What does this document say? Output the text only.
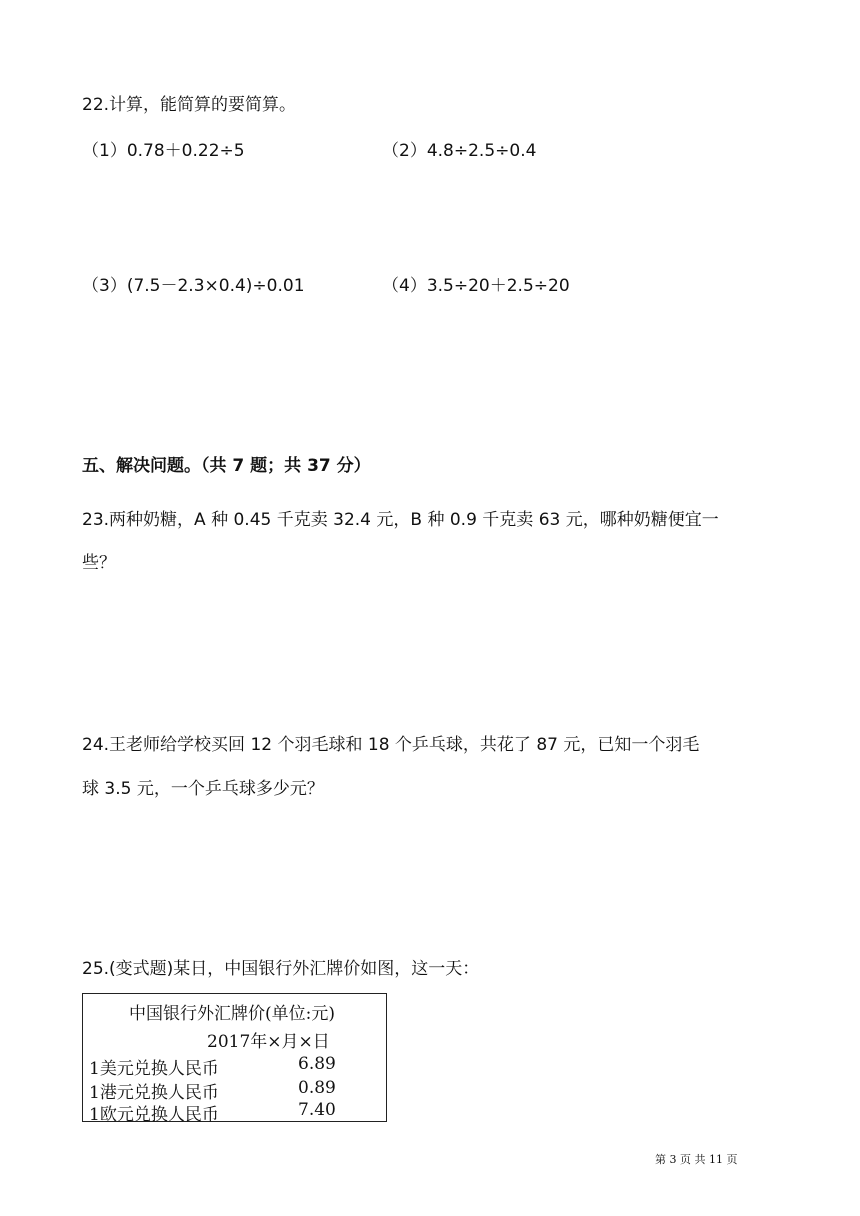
22.计算，能简算的要简算。
（1）0.78＋0.22÷5	（2）4.8÷2.5÷0.4
（3）(7.5－2.3×0.4)÷0.01	（4）3.5÷20＋2.5÷20
五、解决问题。（共 7 题；共 37 分）
23.两种奶糖，A 种 0.45 千克卖 32.4 元，B 种 0.9 千克卖 63 元，哪种奶糖便宜一
些？
24.王老师给学校买回 12 个羽毛球和 18 个乒乓球，共花了 87 元，已知一个羽毛
球 3.5 元，一个乒乓球多少元？
25.(变式题)某日，中国银行外汇牌价如图，这一天：
中国银行外汇牌价(单位:元)
2017年×月×日
1美元兑换人民币	6.89
1港元兑换人民币	0.89
1欧元兑换人民币	7.40
第 3 页 共 11 页
